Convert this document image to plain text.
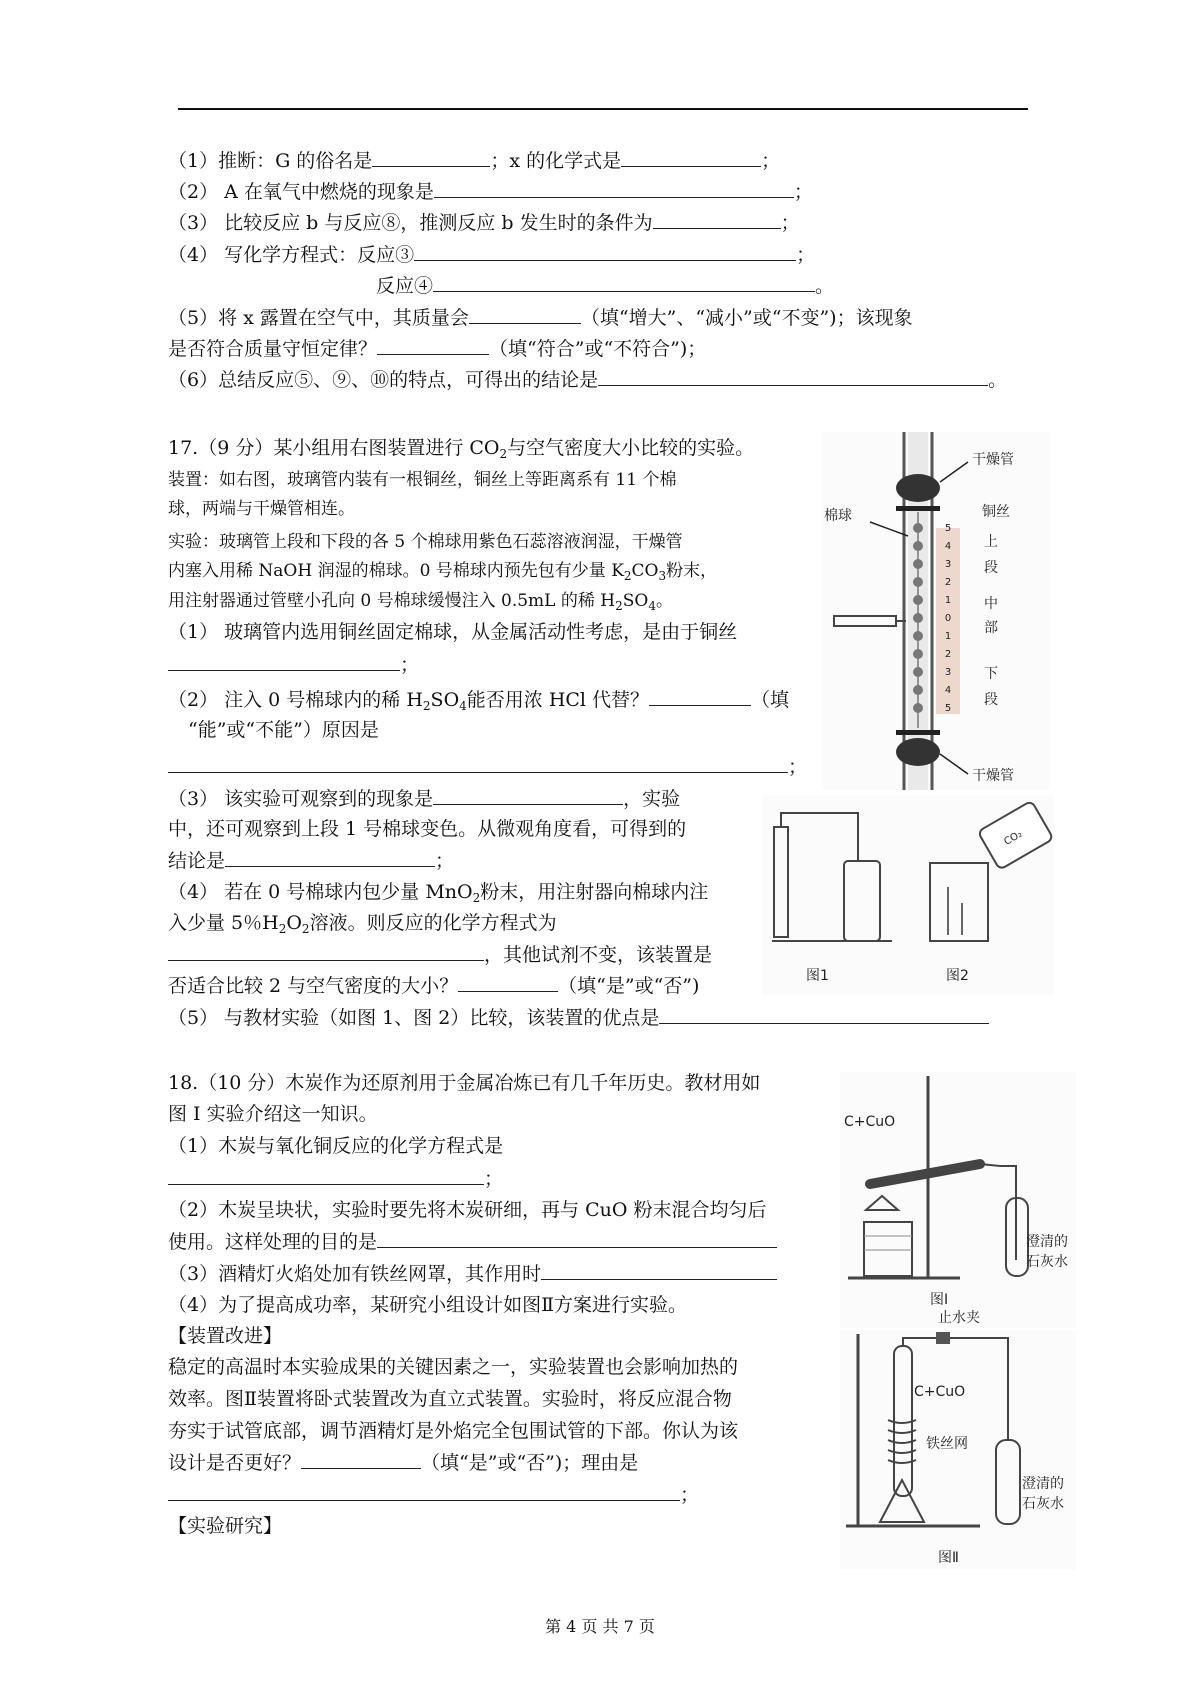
（1）推断：G 的俗名是	；x 的化学式是	；
（2） A 在氧气中燃烧的现象是	；
（3） 比较反应 b 与反应⑧，推测反应 b 发生时的条件为	；
（4） 写化学方程式：反应③	；
反应④	。
（5）将 x 露置在空气中，其质量会	（填“增大”、“减小”或“不变”)；该现象
是否符合质量守恒定律？	（填“符合”或“不符合”)；
（6）总结反应⑤、⑨、⑩的特点，可得出的结论是	。
17.（9 分）某小组用右图装置进行 $CO_2$与空气密度大小比较的实验。
装置：如右图，玻璃管内装有一根铜丝，铜丝上等距离系有 11 个棉
球，两端与干燥管相连。
实验：玻璃管上段和下段的各 5 个棉球用紫色石蕊溶液润湿，干燥管
内塞入用稀 NaOH 润湿的棉球。0 号棉球内预先包有少量 $K_2CO_3$粉末，
用注射器通过管壁小孔向 0 号棉球缓慢注入 0.5mL 的稀 $H_2SO_4$。
（1） 玻璃管内选用铜丝固定棉球，从金属活动性考虑，是由于铜丝
；
（2） 注入 0 号棉球内的稀 $H_2SO_4$能否用浓 HCl 代替？	（填
“能”或“不能”）原因是
；
（3） 该实验可观察到的现象是	，实验
中，还可观察到上段 1 号棉球变色。从微观角度看，可得到的
结论是	；
（4） 若在 0 号棉球内包少量 MnO$_2$粉末，用注射器向棉球内注
入少量 5％$H_2O_2$溶液。则反应的化学方程式为
，其他试剂不变，该装置是
否适合比较 2 与空气密度的大小？	（填“是”或“否”)
（5） 与教材实验（如图 1、图 2）比较，该装置的优点是
5
4
3
2
1
0
1
2
3
4
5
干燥管
棉球	铜丝
上
段
中
部
下
段
干燥管
图1
CO₂
图2
18.（10 分）木炭作为还原剂用于金属冶炼已有几千年历史。教材用如
图 I 实验介绍这一知识。
（1）木炭与氧化铜反应的化学方程式是
；
（2）木炭呈块状，实验时要先将木炭研细，再与 CuO 粉末混合均匀后
使用。这样处理的目的是
（3）酒精灯火焰处加有铁丝网罩，其作用时
（4）为了提高成功率，某研究小组设计如图Ⅱ方案进行实验。
【装置改进】
稳定的高温时本实验成果的关键因素之一，实验装置也会影响加热的
效率。图Ⅱ装置将卧式装置改为直立式装置。实验时，将反应混合物
夯实于试管底部，调节酒精灯是外焰完全包围试管的下部。你认为该
设计是否更好？	（填“是”或“否”)；理由是
；
【实验研究】
C+CuO
澄清的
石灰水
图I
止水夹
C+CuO
铁丝网
澄清的
石灰水
图Ⅱ
第 4 页 共 7 页
